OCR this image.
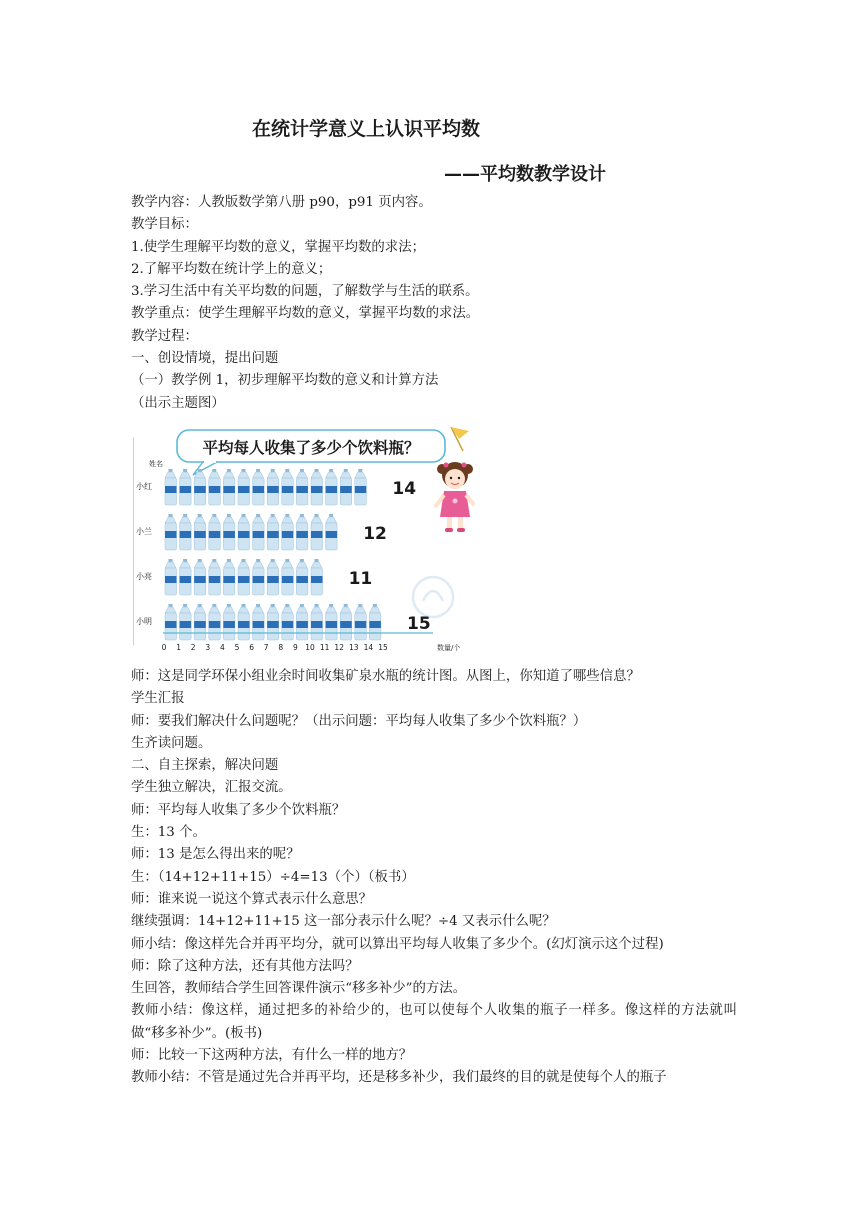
在统计学意义上认识平均数
——平均数教学设计
教学内容：人教版数学第八册 p90，p91 页内容。
教学目标：
1.使学生理解平均数的意义，掌握平均数的求法；
2.了解平均数在统计学上的意义；
3.学习生活中有关平均数的问题，了解数学与生活的联系。
教学重点：使学生理解平均数的意义，掌握平均数的求法。
教学过程：
一、创设情境，提出问题
（一）教学例 1，初步理解平均数的意义和计算方法
（出示主题图）
平均每人收集了多少个饮料瓶？
姓名
小红	14
小兰	12
小亮	11
小明	15
0 1 2 3 4 5 6 7 8 9 10 11 12 13 14 15	数量/个
师：这是同学环保小组业余时间收集矿泉水瓶的统计图。从图上，你知道了哪些信息？
学生汇报
师：要我们解决什么问题呢？（出示问题：平均每人收集了多少个饮料瓶？）
生齐读问题。
二、自主探索，解决问题
学生独立解决，汇报交流。
师：平均每人收集了多少个饮料瓶？
生：13 个。
师：13 是怎么得出来的呢？
生：（14+12+11+15）÷4=13（个）（板书）
师：谁来说一说这个算式表示什么意思？
继续强调：14+12+11+15 这一部分表示什么呢？÷4 又表示什么呢？
师小结：像这样先合并再平均分，就可以算出平均每人收集了多少个。(幻灯演示这个过程)
师：除了这种方法，还有其他方法吗？
生回答，教师结合学生回答课件演示“移多补少”的方法。
教师小结：像这样，通过把多的补给少的，也可以使每个人收集的瓶子一样多。像这样的方法就叫做“移多补少”。(板书)
师：比较一下这两种方法，有什么一样的地方？
教师小结：不管是通过先合并再平均，还是移多补少，我们最终的目的就是使每个人的瓶子
